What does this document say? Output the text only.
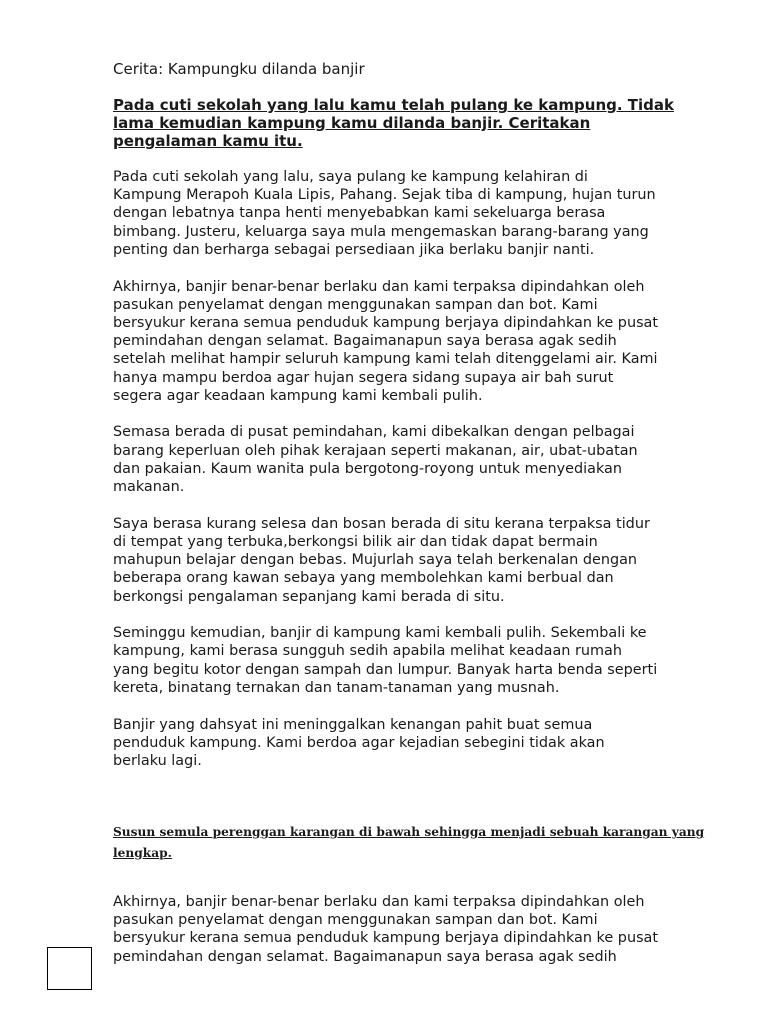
Cerita: Kampungku dilanda banjir

Pada cuti sekolah yang lalu kamu telah pulang ke kampung. Tidak
lama kemudian kampung kamu dilanda banjir. Ceritakan
pengalaman kamu itu.

Pada cuti sekolah yang lalu, saya pulang ke kampung kelahiran di
Kampung Merapoh Kuala Lipis, Pahang. Sejak tiba di kampung, hujan turun
dengan lebatnya tanpa henti menyebabkan kami sekeluarga berasa
bimbang. Justeru, keluarga saya mula mengemaskan barang-barang yang
penting dan berharga sebagai persediaan jika berlaku banjir nanti.

Akhirnya, banjir benar-benar berlaku dan kami terpaksa dipindahkan oleh
pasukan penyelamat dengan menggunakan sampan dan bot. Kami
bersyukur kerana semua penduduk kampung berjaya dipindahkan ke pusat
pemindahan dengan selamat. Bagaimanapun saya berasa agak sedih
setelah melihat hampir seluruh kampung kami telah ditenggelami air. Kami
hanya mampu berdoa agar hujan segera sidang supaya air bah surut
segera agar keadaan kampung kami kembali pulih.

Semasa berada di pusat pemindahan, kami dibekalkan dengan pelbagai
barang keperluan oleh pihak kerajaan seperti makanan, air, ubat-ubatan
dan pakaian. Kaum wanita pula bergotong-royong untuk menyediakan
makanan.

Saya berasa kurang selesa dan bosan berada di situ kerana terpaksa tidur
di tempat yang terbuka,berkongsi bilik air dan tidak dapat bermain
mahupun belajar dengan bebas. Mujurlah saya telah berkenalan dengan
beberapa orang kawan sebaya yang membolehkan kami berbual dan
berkongsi pengalaman sepanjang kami berada di situ.

Seminggu kemudian, banjir di kampung kami kembali pulih. Sekembali ke
kampung, kami berasa sungguh sedih apabila melihat keadaan rumah
yang begitu kotor dengan sampah dan lumpur. Banyak harta benda seperti
kereta, binatang ternakan dan tanam-tanaman yang musnah.

Banjir yang dahsyat ini meninggalkan kenangan pahit buat semua
penduduk kampung. Kami berdoa agar kejadian sebegini tidak akan
berlaku lagi.

Susun semula perenggan karangan di bawah sehingga menjadi sebuah karangan yang
lengkap.

Akhirnya, banjir benar-benar berlaku dan kami terpaksa dipindahkan oleh
pasukan penyelamat dengan menggunakan sampan dan bot. Kami
bersyukur kerana semua penduduk kampung berjaya dipindahkan ke pusat
pemindahan dengan selamat. Bagaimanapun saya berasa agak sedih
